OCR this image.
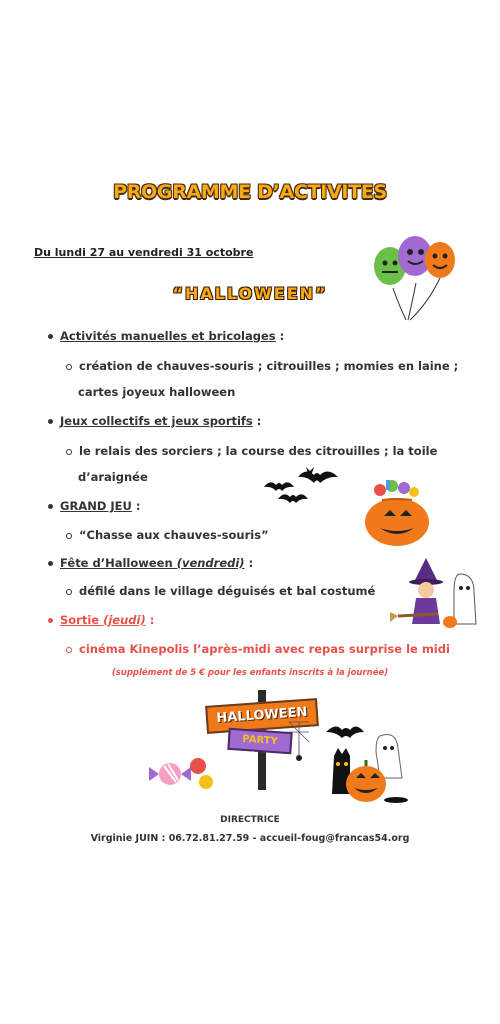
PROGRAMME D’ACTIVITES
Du lundi 27 au vendredi 31 octobre
“HALLOWEEN”
Activités manuelles et bricolages :
création de chauves-souris ; citrouilles ; momies en laine ;
cartes joyeux halloween
Jeux collectifs et jeux sportifs :
le relais des sorciers ; la course des citrouilles ; la toile
d’araignée
GRAND JEU :
“Chasse aux chauves-souris”
Fête d’Halloween (vendredi) :
défilé dans le village déguisés et bal costumé
Sortie (jeudi) :
cinéma Kinepolis l’après-midi avec repas surprise le midi
(supplément de 5 € pour les enfants inscrits à la journée)
HALLOWEEN
PARTY
DIRECTRICE
Virginie JUIN : 06.72.81.27.59 - accueil-foug@francas54.org
